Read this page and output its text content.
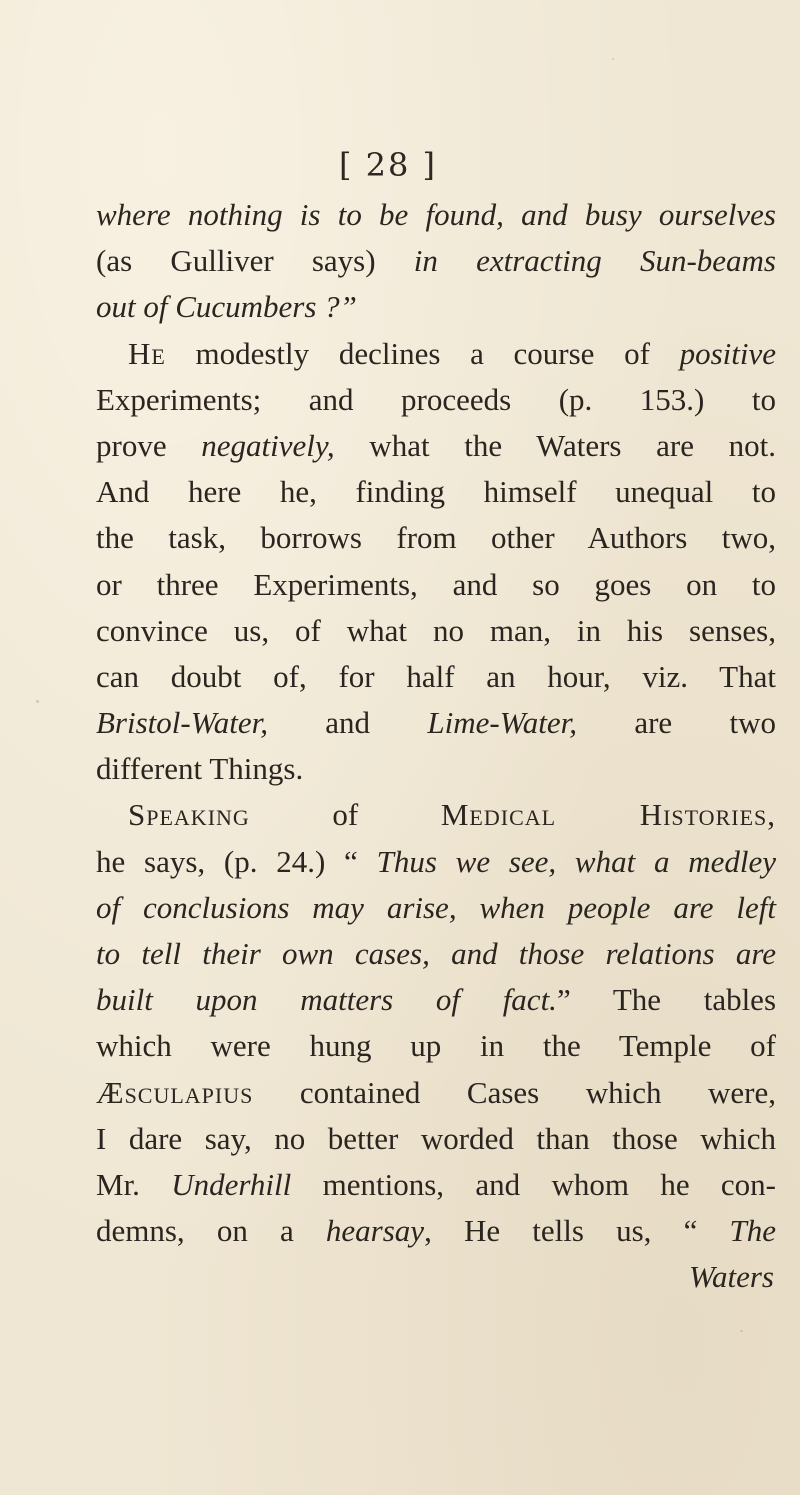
[ 28 ]
where nothing is to be found, and busy ourselves
(as Gulliver says) in extracting Sun-beams
out of Cucumbers ?”
He modestly declines a course of positive
Experiments; and proceeds (p. 153.) to
prove negatively, what the Waters are not.
And here he, finding himself unequal to
the task, borrows from other Authors two,
or three Experiments, and so goes on to
convince us, of what no man, in his senses,
can doubt of, for half an hour, viz. That
Bristol-Water, and Lime-Water, are two
different Things.
Speaking of Medical Histories,
he says, (p. 24.) “ Thus we see, what a medley
of conclusions may arise, when people are left
to tell their own cases, and those relations are
built upon matters of fact.” The tables
which were hung up in the Temple of
Æsculapius contained Cases which were,
I dare say, no better worded than those which
Mr. Underhill mentions, and whom he con-
demns, on a hearsay, He tells us, “ The
Waters
